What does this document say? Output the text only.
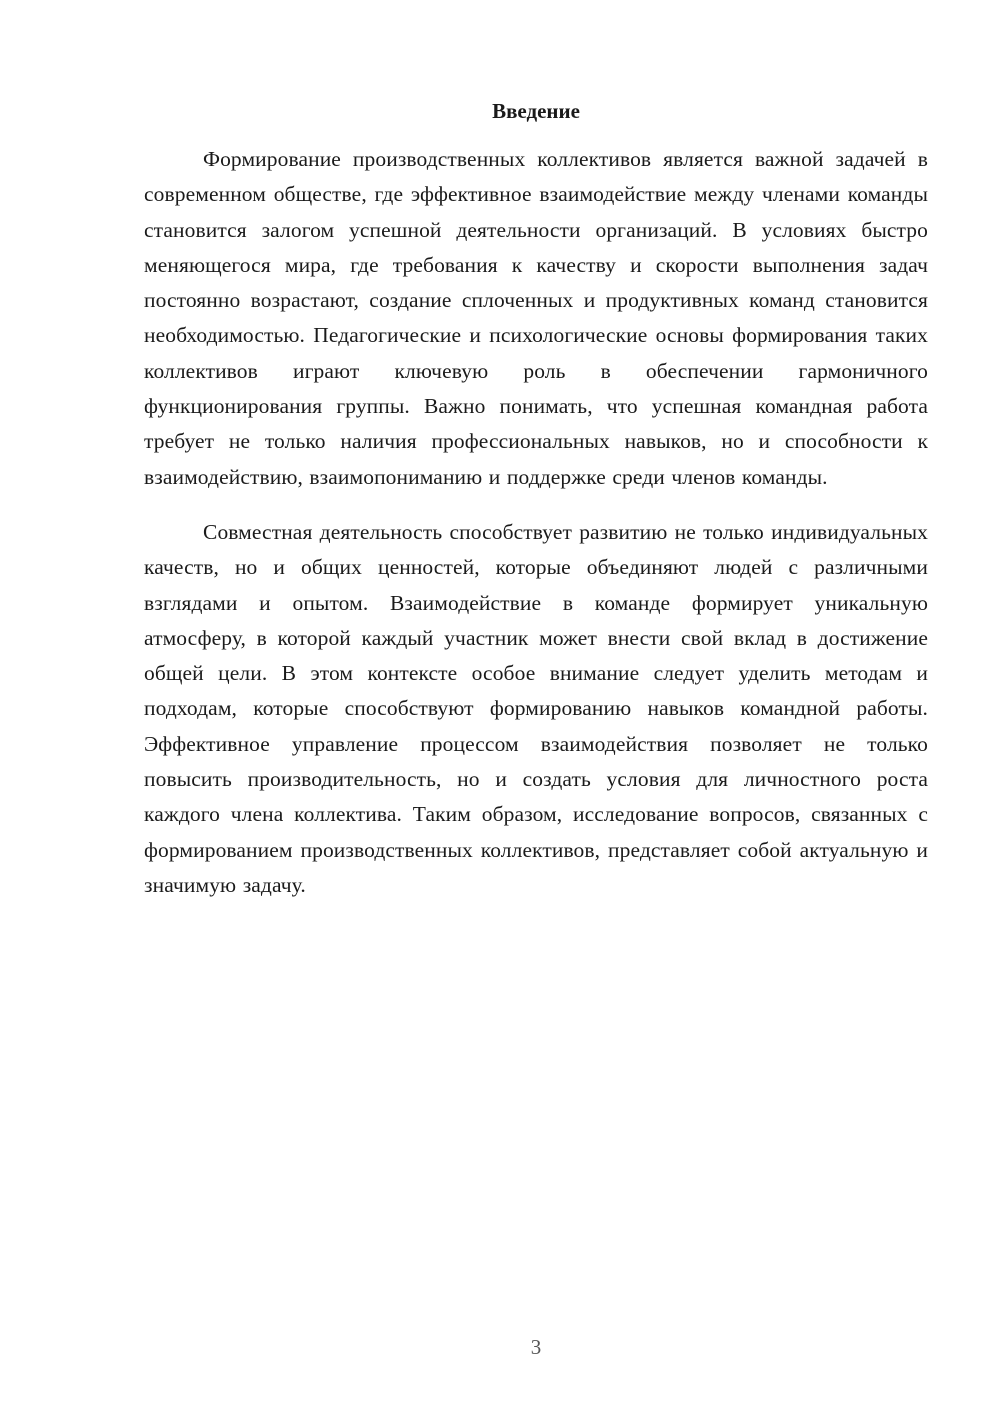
Введение

Формирование производственных коллективов является важной задачей в современном обществе, где эффективное взаимодействие между членами команды становится залогом успешной деятельности организаций. В условиях быстро меняющегося мира, где требования к качеству и скорости выполнения задач постоянно возрастают, создание сплоченных и продуктивных команд становится необходимостью. Педагогические и психологические основы формирования таких коллективов играют ключевую роль в обеспечении гармоничного функционирования группы. Важно понимать, что успешная командная работа требует не только наличия профессиональных навыков, но и способности к взаимодействию, взаимопониманию и поддержке среди членов команды.

Совместная деятельность способствует развитию не только индивидуальных качеств, но и общих ценностей, которые объединяют людей с различными взглядами и опытом. Взаимодействие в команде формирует уникальную атмосферу, в которой каждый участник может внести свой вклад в достижение общей цели. В этом контексте особое внимание следует уделить методам и подходам, которые способствуют формированию навыков командной работы. Эффективное управление процессом взаимодействия позволяет не только повысить производительность, но и создать условия для личностного роста каждого члена коллектива. Таким образом, исследование вопросов, связанных с формированием производственных коллективов, представляет собой актуальную и значимую задачу.

3
